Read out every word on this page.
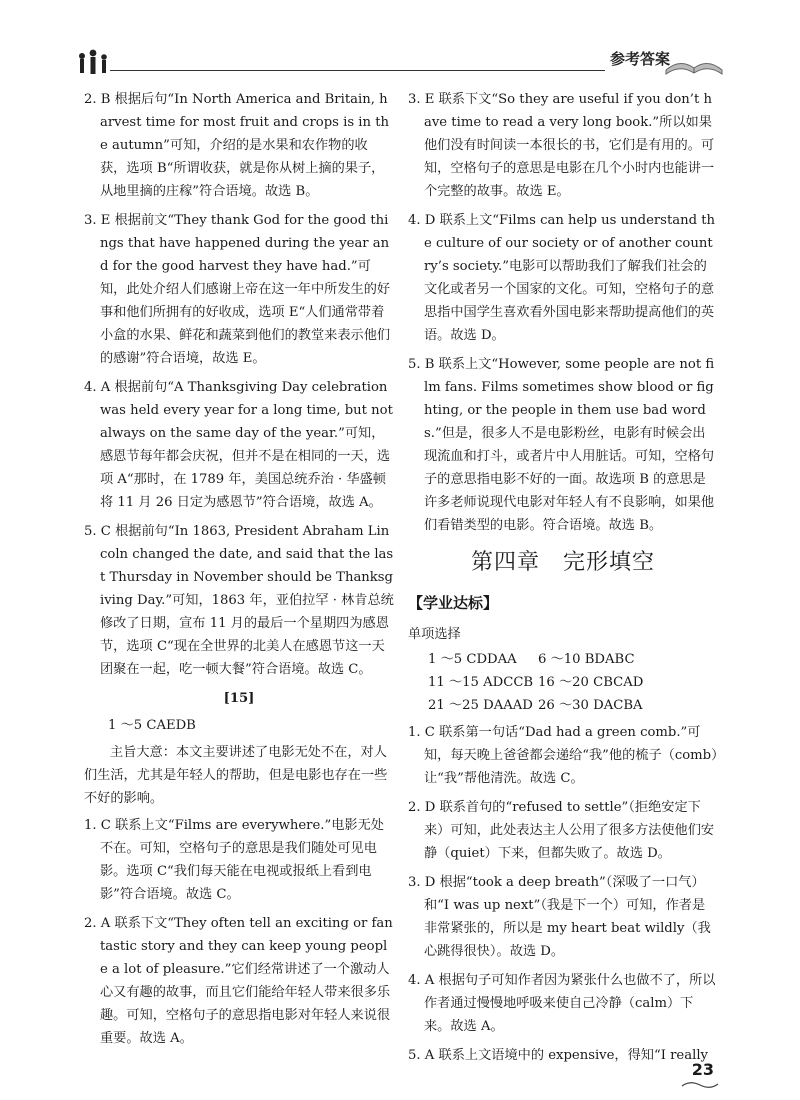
参考答案
2. B 根据后句“In North America and Britain, harvest time for most fruit and crops is in the autumn”可知，介绍的是水果和农作物的收获，选项 B“所谓收获，就是你从树上摘的果子，从地里摘的庄稼”符合语境。故选 B。
3. E 根据前文“They thank God for the good things that have happened during the year and for the good harvest they have had.”可知，此处介绍人们感谢上帝在这一年中所发生的好事和他们所拥有的好收成，选项 E“人们通常带着小盒的水果、鲜花和蔬菜到他们的教堂来表示他们的感谢”符合语境，故选 E。
4. A 根据前句“A Thanksgiving Day celebration was held every year for a long time, but not always on the same day of the year.”可知，感恩节每年都会庆祝，但并不是在相同的一天，选项 A“那时，在 1789 年，美国总统乔治 · 华盛顿将 11 月 26 日定为感恩节”符合语境，故选 A。
5. C 根据前句“In 1863, President Abraham Lincoln changed the date, and said that the last Thursday in November should be Thanksgiving Day.”可知，1863 年，亚伯拉罕 · 林肯总统修改了日期，宣布 11 月的最后一个星期四为感恩节，选项 C“现在全世界的北美人在感恩节这一天团聚在一起，吃一顿大餐”符合语境。故选 C。
[15]
1 ～5 CAEDB
主旨大意：本文主要讲述了电影无处不在，对人们生活，尤其是年轻人的帮助，但是电影也存在一些不好的影响。
1. C 联系上文“Films are everywhere.”电影无处不在。可知，空格句子的意思是我们随处可见电影。选项 C“我们每天能在电视或报纸上看到电影”符合语境。故选 C。
2. A 联系下文“They often tell an exciting or fantastic story and they can keep young people a lot of pleasure.”它们经常讲述了一个激动人心又有趣的故事，而且它们能给年轻人带来很多乐趣。可知，空格句子的意思指电影对年轻人来说很重要。故选 A。
3. E 联系下文“So they are useful if you don’t have time to read a very long book.”所以如果他们没有时间读一本很长的书，它们是有用的。可知，空格句子的意思是电影在几个小时内也能讲一个完整的故事。故选 E。
4. D 联系上文“Films can help us understand the culture of our society or of another country’s society.”电影可以帮助我们了解我们社会的文化或者另一个国家的文化。可知，空格句子的意思指中国学生喜欢看外国电影来帮助提高他们的英语。故选 D。
5. B 联系上文“However, some people are not film fans. Films sometimes show blood or fighting, or the people in them use bad words.”但是，很多人不是电影粉丝，电影有时候会出现流血和打斗，或者片中人用脏话。可知，空格句子的意思指电影不好的一面。故选项 B 的意思是许多老师说现代电影对年轻人有不良影响，如果他们看错类型的电影。符合语境。故选 B。
第四章　完形填空
【学业达标】
单项选择
1 ～5 CDDAA	6 ～10 BDABC
11 ～15 ADCCB 16 ～20 CBCAD
21 ～25 DAAAD 26 ～30 DACBA
1. C 联系第一句话“Dad had a green comb.”可知，每天晚上爸爸都会递给“我”他的梳子（comb）让“我”帮他清洗。故选 C。
2. D 联系首句的“refused to settle”（拒绝安定下来）可知，此处表达主人公用了很多方法使他们安静（quiet）下来，但都失败了。故选 D。
3. D 根据“took a deep breath”（深吸了一口气）和“I was up next”（我是下一个）可知，作者是非常紧张的，所以是 my heart beat wildly（我心跳得很快）。故选 D。
4. A 根据句子可知作者因为紧张什么也做不了，所以作者通过慢慢地呼吸来使自己冷静（calm）下来。故选 A。
5. A 联系上文语境中的 expensive，得知“I really
23
